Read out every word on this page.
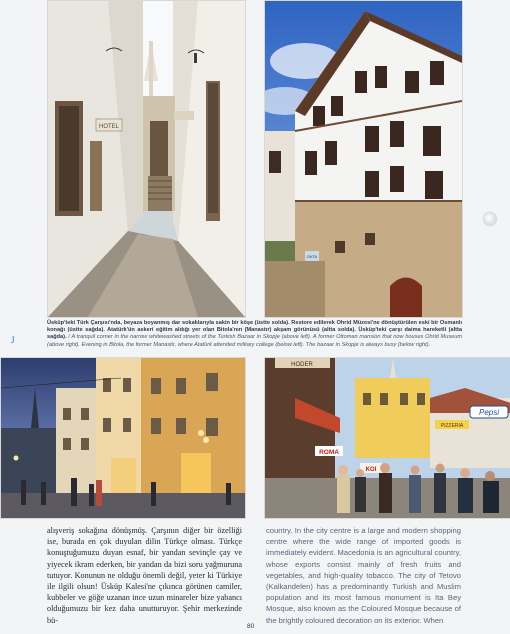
HOTEL
OKTA
Üsküp'teki Türk Çarşısı'nda, beyaza boyanmış dar sokaklarıyla sakin bir köşe (üstte solda). Restore edilerek Ohrid Müzesi'ne dönüştürülen eski bir Osmanlı konağı (üstte sağda). Atatürk'ün askeri eğitim aldığı yer olan Bitola'nın (Manastır) akşam görünüsü (altta solda). Üsküp'teki çarşı daima hareketli (altta sağda). / A tranquil corner in the narrow whitewashed streets of the Turkish Bazaar in Skopje (above left). A former Ottoman mansion that now houses Ohrid Museum (above right). Evening in Bitola, the former Manastir, where Atatürk attended military college (below left). The bazaar in Skopje is always busy (below right).
J
HODER
Pepsi
PIZZERIA
ROMA
KOI

alışveriş sokağına dönüşmüş. Çarşının diğer bir özelliği ise, burada en çok duyulan dilin Türkçe olması. Türkçe konuştuğumuzu duyan esnaf, bir yandan sevinçle çay ve yiyecek ikram ederken, bir yandan da bizi soru yağmuruna tutuyor. Konunun ne olduğu önemli değil, yeter ki Türkiye ile ilgili olsun! Üsküp Kalesi'ne çıkınca görünen camiler, kubbeler ve göğe uzanan ince uzun minareler bize yabancı olduğumuzu bir kez daha unutturuyor. Şehir merkezinde bü-

country. In the city centre is a large and modern shopping centre where the wide range of imported goods is immediately evident. Macedonia is an agricultural country, whose exports consist mainly of fresh fruits and vegetables, and high-quality tobacco. The city of Tetovo (Kalkandelen) has a predominantly Turkish and Muslim population and its most famous monument is Ita Bey Mosque, also known as the Coloured Mosque because of the brightly coloured decoration on its exterior. When

80
